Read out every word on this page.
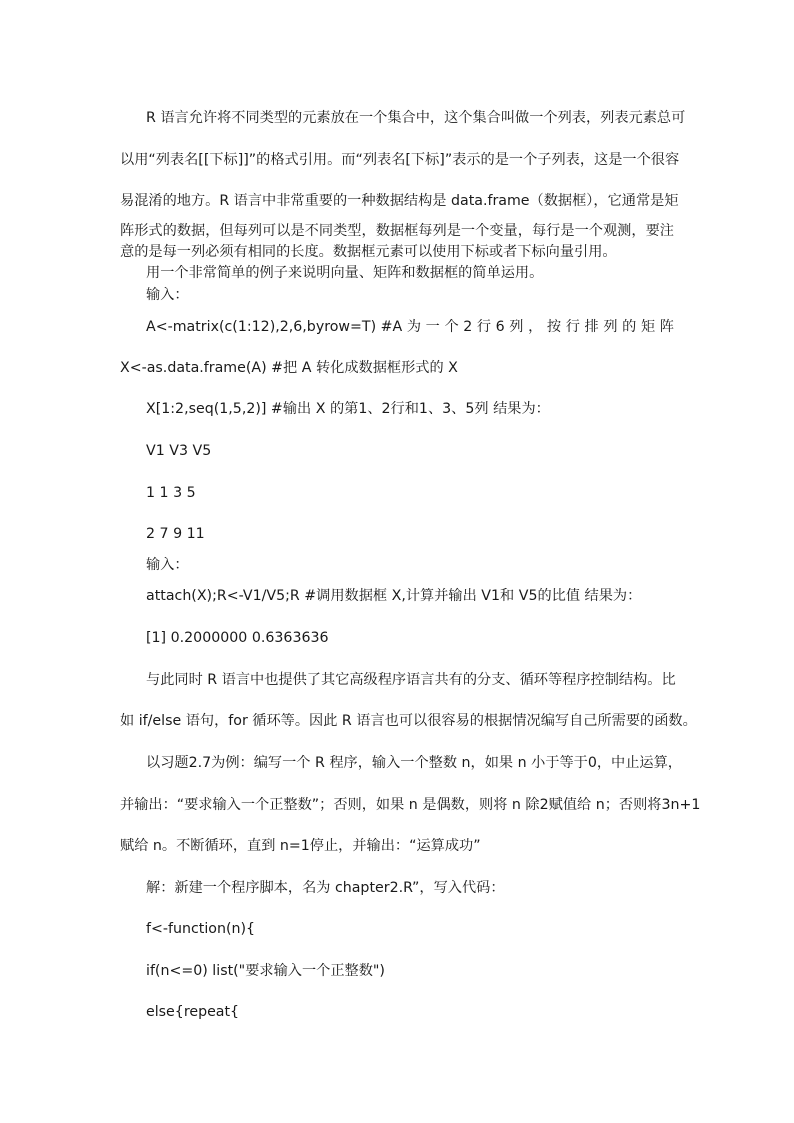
R 语言允许将不同类型的元素放在一个集合中，这个集合叫做一个列表，列表元素总可
以用“列表名[[下标]]”的格式引用。而“列表名[下标]”表示的是一个子列表，这是一个很容
易混淆的地方。R 语言中非常重要的一种数据结构是 data.frame（数据框），它通常是矩
阵形式的数据，但每列可以是不同类型，数据框每列是一个变量，每行是一个观测，要注
意的是每一列必须有相同的长度。数据框元素可以使用下标或者下标向量引用。
用一个非常简单的例子来说明向量、矩阵和数据框的简单运用。
输入：
A<-matrix(c(1:12),2,6,byrow=T) #A 为 一 个 2 行 6 列 ， 按 行 排 列 的 矩 阵
X<-as.data.frame(A) #把 A 转化成数据框形式的 X
X[1:2,seq(1,5,2)] #输出 X 的第1、2行和1、3、5列 结果为：
V1 V3 V5
1 1 3 5
2 7 9 11
输入：
attach(X);R<-V1/V5;R #调用数据框 X,计算并输出 V1和 V5的比值 结果为：
[1] 0.2000000 0.6363636
与此同时 R 语言中也提供了其它高级程序语言共有的分支、循环等程序控制结构。比
如 if/else 语句，for 循环等。因此 R 语言也可以很容易的根据情况编写自己所需要的函数。
以习题2.7为例：编写一个 R 程序，输入一个整数 n，如果 n 小于等于0，中止运算，
并输出：“要求输入一个正整数”；否则，如果 n 是偶数，则将 n 除2赋值给 n；否则将3n+1
赋给 n。不断循环，直到 n=1停止，并输出：“运算成功”
解：新建一个程序脚本，名为 chapter2.R”，写入代码：
f<-function(n){
if(n<=0) list("要求输入一个正整数")
else{repeat{
